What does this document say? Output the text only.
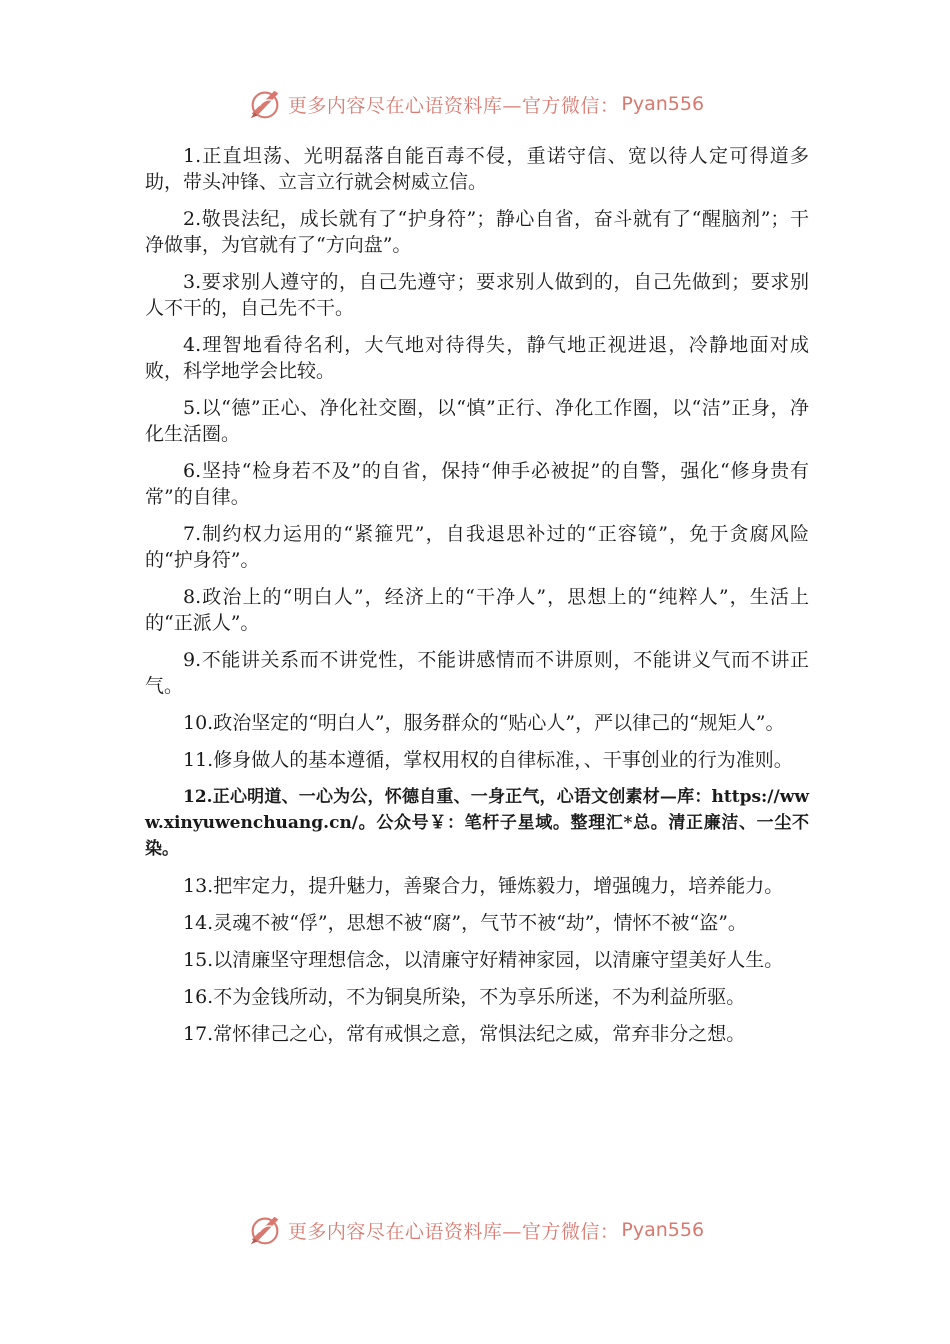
更多内容尽在心语资料库—官方微信： Pyan556

1.正直坦荡、光明磊落自能百毒不侵，重诺守信、宽以待人定可得道多助，带头冲锋、立言立行就会树威立信。

2.敬畏法纪，成长就有了“护身符”；静心自省，奋斗就有了“醒脑剂”；干净做事，为官就有了“方向盘”。

3.要求别人遵守的，自己先遵守；要求别人做到的，自己先做到；要求别人不干的，自己先不干。

4.理智地看待名利，大气地对待得失，静气地正视进退，冷静地面对成败，科学地学会比较。

5.以“德”正心、净化社交圈，以“慎”正行、净化工作圈，以“洁”正身，净化生活圈。

6.坚持“检身若不及”的自省，保持“伸手必被捉”的自警，强化“修身贵有常”的自律。

7.制约权力运用的“紧箍咒”，自我退思补过的“正容镜”，免于贪腐风险的“护身符”。

8.政治上的“明白人”，经济上的“干净人”，思想上的“纯粹人”，生活上的“正派人”。

9.不能讲关系而不讲党性，不能讲感情而不讲原则，不能讲义气而不讲正气。

10.政治坚定的“明白人”，服务群众的“贴心人”，严以律己的“规矩人”。

11.修身做人的基本遵循，掌权用权的自律标准，、干事创业的行为准则。

12.正心明道、一心为公，怀德自重、一身正气，心语文创素材—库：https://www.xinyuwenchuang.cn/。公众号￥：笔杆子星域。整理汇*总。清正廉洁、一尘不染。

13.把牢定力，提升魅力，善聚合力，锤炼毅力，增强魄力，培养能力。

14.灵魂不被“俘”，思想不被“腐”，气节不被“劫”，情怀不被“盗”。

15.以清廉坚守理想信念，以清廉守好精神家园，以清廉守望美好人生。

16.不为金钱所动，不为铜臭所染，不为享乐所迷，不为利益所驱。

17.常怀律己之心，常有戒惧之意，常惧法纪之威，常弃非分之想。

更多内容尽在心语资料库—官方微信： Pyan556
